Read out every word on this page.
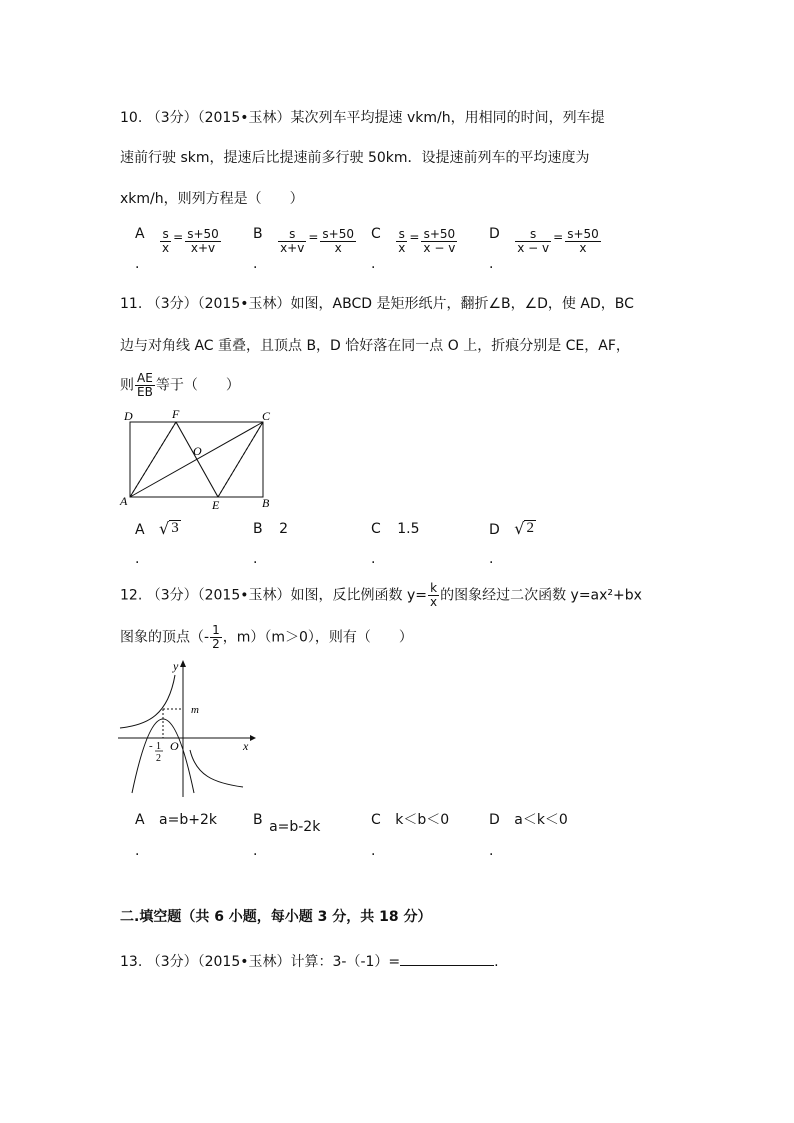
10. （3分）（2015•玉林）某次列车平均提速 vkm/h，用相同的时间，列车提
速前行驶 skm，提速后比提速前多行驶 50km．设提速前列车的平均速度为
xkm/h，则列方程是（　　）
A $\frac{s}{x} = \frac{s+50}{x+v}$ B $\frac{s}{x+v} = \frac{s+50}{x}$ C $\frac{s}{x} = \frac{s+50}{x - v}$ D $\frac{s}{x - v} = \frac{s+50}{x}$
.	.	.	.
11. （3分）（2015•玉林）如图，ABCD 是矩形纸片，翻折∠B，∠D，使 AD，BC
边与对角线 AC 重叠，且顶点 B，D 恰好落在同一点 O 上，折痕分别是 CE，AF，
则 $\frac{AE}{EB}$ 等于（　　）
D	F	C
O
A	E	B
A √ 3	B 2	C 1.5	D √ 2
.	.	.	.
12. （3分）（2015•玉林）如图，反比例函数 $y= \frac{k}{x}$ 的图象经过二次函数 y=ax²+bx
图象的顶点（- $\frac{1}{2}$ ，m）（m＞0），则有（　　）
y
x
m
O
- 1
2
A a=b+2k	B a=b-2k	C k＜b＜0	D a＜k＜0
.	.	.	.
二.填空题（共 6 小题，每小题 3 分，共 18 分）
13. （3分）（2015•玉林）计算：3-（-1）=	.
